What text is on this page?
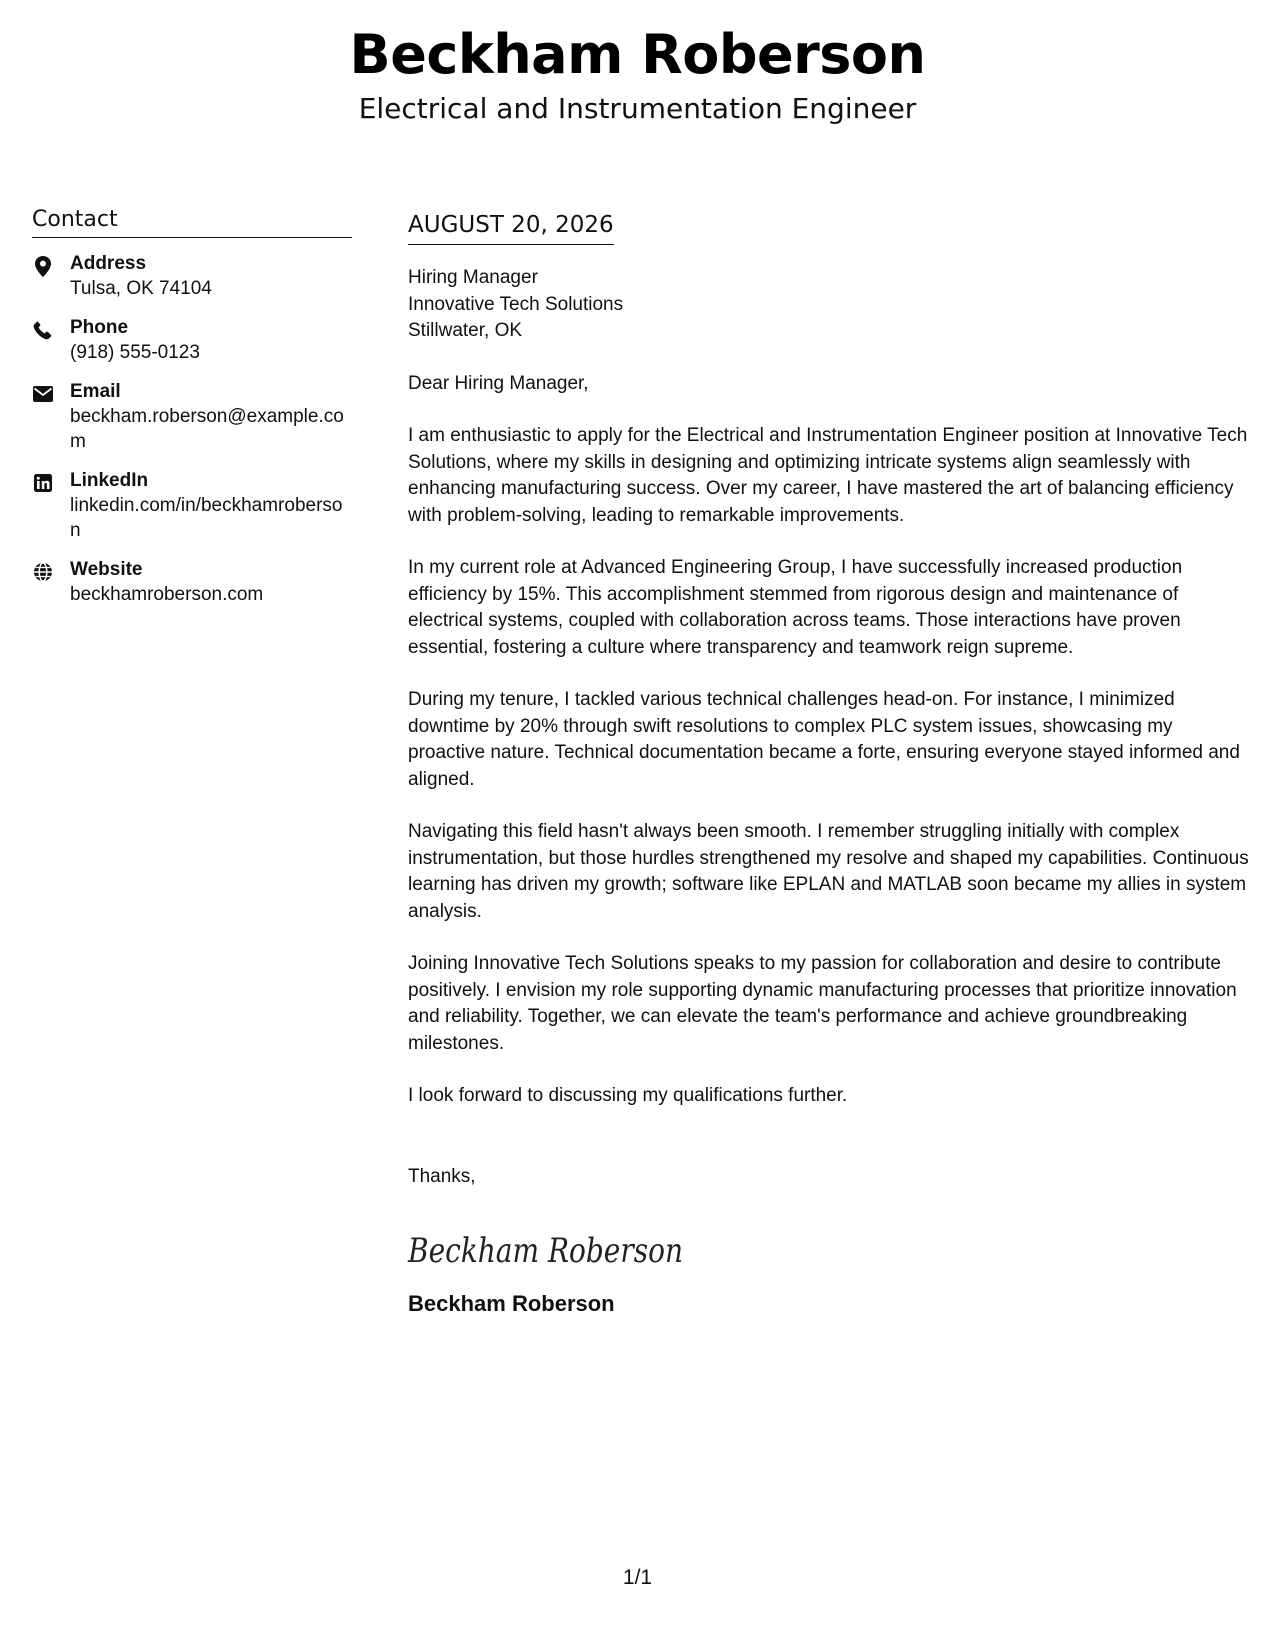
Beckham Roberson
Electrical and Instrumentation Engineer
Contact
Address
Tulsa, OK 74104
Phone
(918) 555-0123
Email
beckham.roberson@example.com
LinkedIn
linkedin.com/in/beckhamroberson
Website
beckhamroberson.com
AUGUST 20, 2026
Hiring Manager
Innovative Tech Solutions
Stillwater, OK
Dear Hiring Manager,

I am enthusiastic to apply for the Electrical and Instrumentation Engineer position at Innovative Tech Solutions, where my skills in designing and optimizing intricate systems align seamlessly with enhancing manufacturing success. Over my career, I have mastered the art of balancing efficiency with problem-solving, leading to remarkable improvements.

In my current role at Advanced Engineering Group, I have successfully increased production efficiency by 15%. This accomplishment stemmed from rigorous design and maintenance of electrical systems, coupled with collaboration across teams. Those interactions have proven essential, fostering a culture where transparency and teamwork reign supreme.

During my tenure, I tackled various technical challenges head-on. For instance, I minimized downtime by 20% through swift resolutions to complex PLC system issues, showcasing my proactive nature. Technical documentation became a forte, ensuring everyone stayed informed and aligned.

Navigating this field hasn't always been smooth. I remember struggling initially with complex instrumentation, but those hurdles strengthened my resolve and shaped my capabilities. Continuous learning has driven my growth; software like EPLAN and MATLAB soon became my allies in system analysis.

Joining Innovative Tech Solutions speaks to my passion for collaboration and desire to contribute positively. I envision my role supporting dynamic manufacturing processes that prioritize innovation and reliability. Together, we can elevate the team's performance and achieve groundbreaking milestones.

I look forward to discussing my qualifications further.

Thanks,
Beckham Roberson
Beckham Roberson
1/1
